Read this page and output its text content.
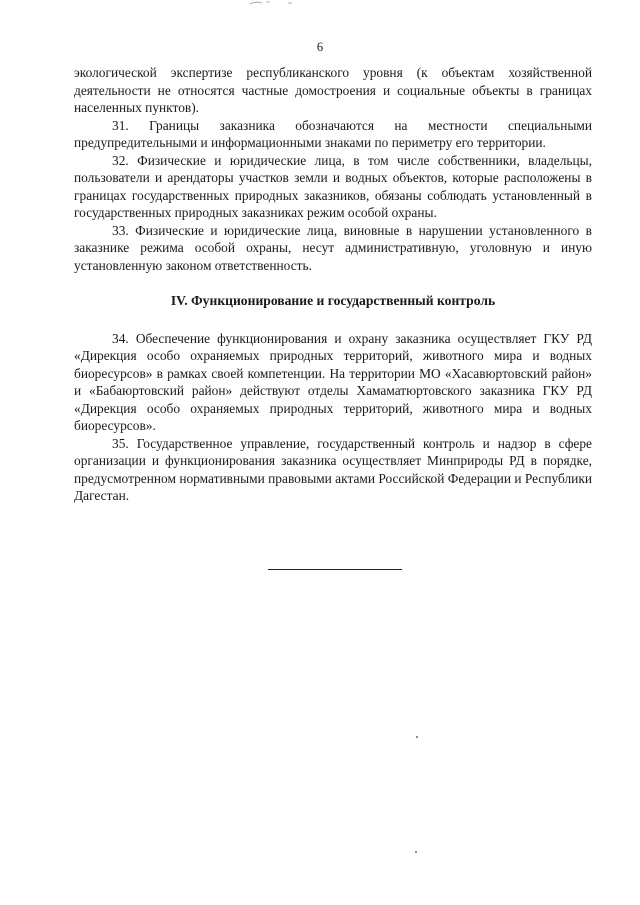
6

экологической экспертизе республиканского уровня (к объектам хозяйственной деятельности не относятся частные домостроения и социальные объекты в границах населенных пунктов).

31. Границы заказника обозначаются на местности специальными предупредительными и информационными знаками по периметру его территории.

32. Физические и юридические лица, в том числе собственники, владельцы, пользователи и арендаторы участков земли и водных объектов, которые расположены в границах государственных природных заказников, обязаны соблюдать установленный в государственных природных заказниках режим особой охраны.

33. Физические и юридические лица, виновные в нарушении установленного в заказнике режима особой охраны, несут административную, уголовную и иную установленную законом ответственность.

IV. Функционирование и государственный контроль

34. Обеспечение функционирования и охрану заказника осуществляет ГКУ РД «Дирекция особо охраняемых природных территорий, животного мира и водных биоресурсов» в рамках своей компетенции. На территории МО «Хасавюртовский район» и «Бабаюртовский район» действуют отделы Хамаматюртовского заказника ГКУ РД «Дирекция особо охраняемых природных территорий, животного мира и водных биоресурсов».

35. Государственное управление, государственный контроль и надзор в сфере организации и функционирования заказника осуществляет Минприроды РД в порядке, предусмотренном нормативными правовыми актами Российской Федерации и Республики Дагестан.
